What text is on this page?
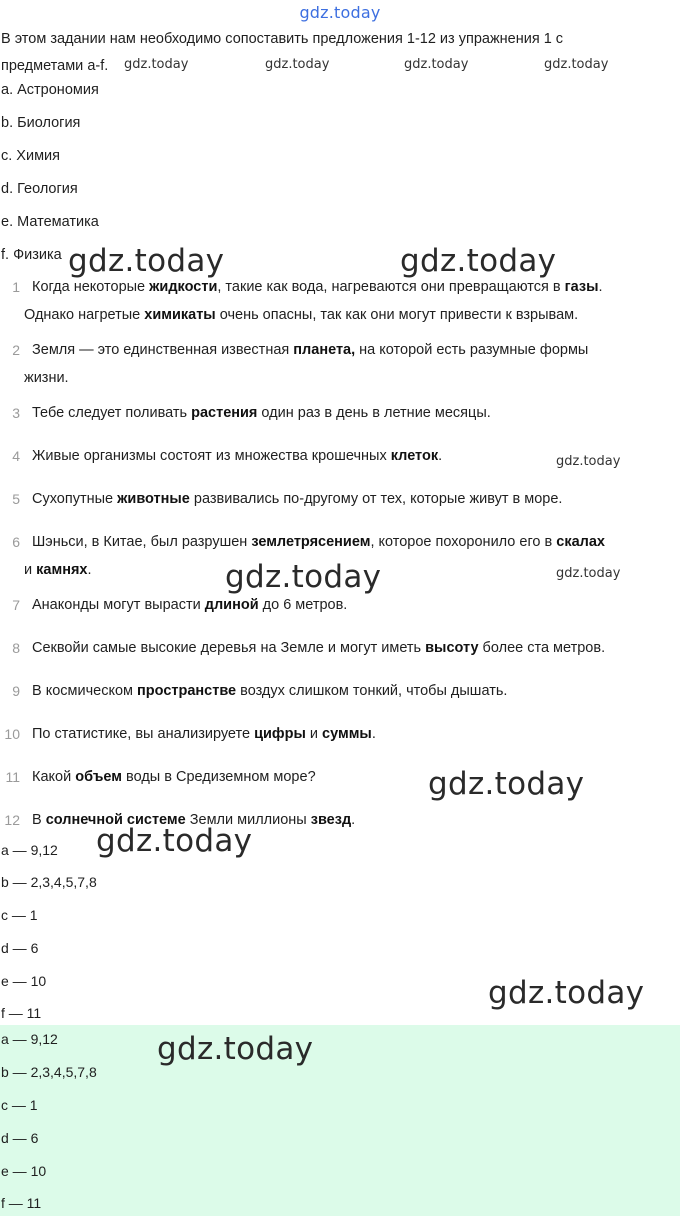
gdz.today
В этом задании нам необходимо сопоставить предложения 1-12 из упражнения 1 с
предметами a-f.
a. Астрономия
b. Биология
c. Химия
d. Геология
e. Математика
f. Физика
1 Когда некоторые жидкости, такие как вода, нагреваются они превращаются в газы.
Однако нагретые химикаты очень опасны, так как они могут привести к взрывам.
2 Земля — это единственная известная планета, на которой есть разумные формы
жизни.
3 Тебе следует поливать растения один раз в день в летние месяцы.
4 Живые организмы состоят из множества крошечных клеток.
5 Сухопутные животные развивались по-другому от тех, которые живут в море.
6 Шэньси, в Китае, был разрушен землетрясением, которое похоронило его в скалах
и камнях.
7 Анаконды могут вырасти длиной до 6 метров.
8 Секвойи самые высокие деревья на Земле и могут иметь высоту более ста метров.
9 В космическом пространстве воздух слишком тонкий, чтобы дышать.
10 По статистике, вы анализируете цифры и суммы.
11 Какой объем воды в Средиземном море?
12 В солнечной системе Земли миллионы звезд.
a — 9,12
b — 2,3,4,5,7,8
c — 1
d — 6
e — 10
f — 11
a — 9,12
b — 2,3,4,5,7,8
c — 1
d — 6
e — 10
f — 11
gdz.today	gdz.today	gdz.today	gdz.today
gdz.today	gdz.today
gdz.today
gdz.today	gdz.today
gdz.today
gdz.today
gdz.today
gdz.today
